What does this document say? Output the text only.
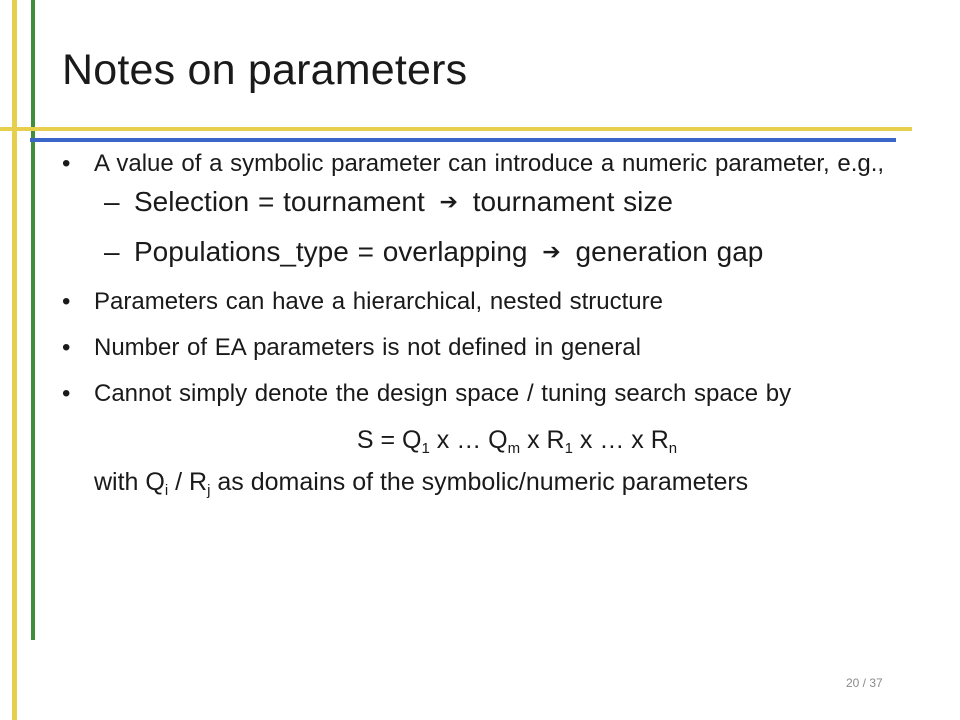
Notes on parameters
• A value of a symbolic parameter can introduce a numeric parameter, e.g.,
– Selection = tournament ➔ tournament size
– Populations_type = overlapping ➔ generation gap
• Parameters can have a hierarchical, nested structure
• Number of EA parameters is not defined in general
• Cannot simply denote the design space / tuning search space by
$S = Q_1$ x … $Q_m$ x $R_1$ x … x $R_n$
with $Q_i / R_j$ as domains of the symbolic/numeric parameters
20 / 37
